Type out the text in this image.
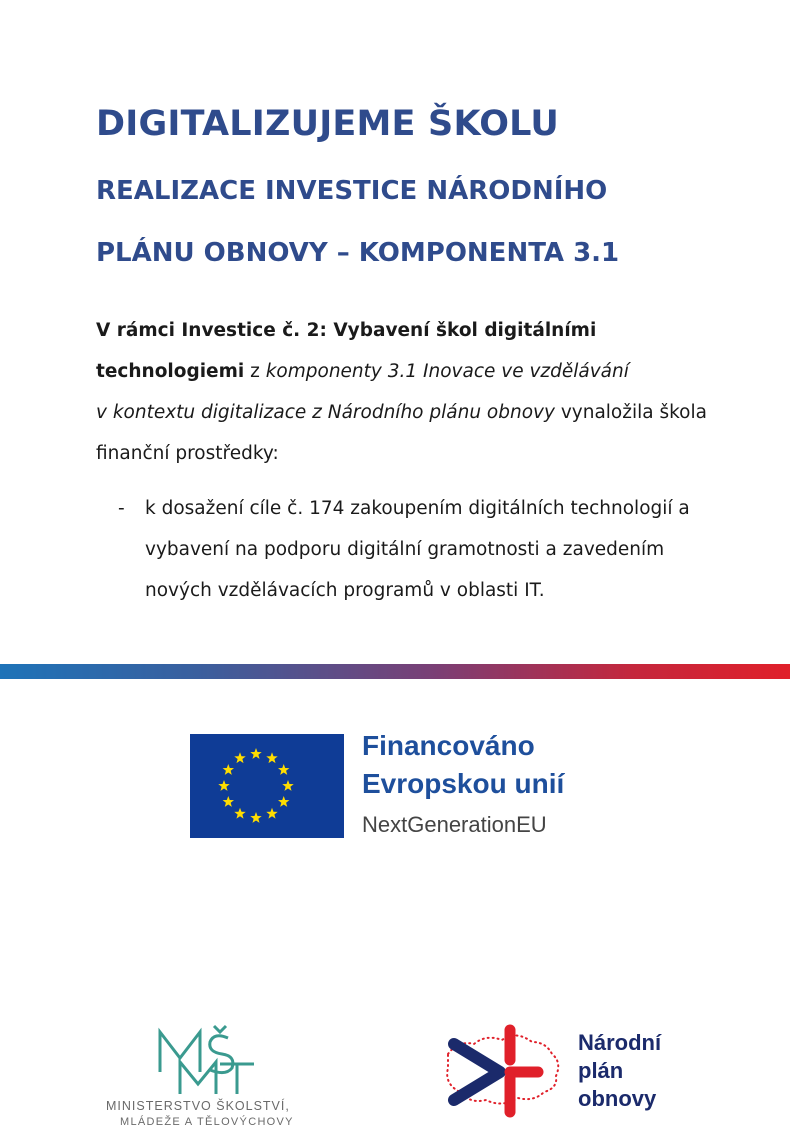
DIGITALIZUJEME ŠKOLU
REALIZACE INVESTICE NÁRODNÍHO
PLÁNU OBNOVY – KOMPONENTA 3.1
V rámci Investice č. 2: Vybavení škol digitálními
technologiemi z komponenty 3.1 Inovace ve vzdělávání
v kontextu digitalizace z Národního plánu obnovy vynaložila škola
finanční prostředky:
- k dosažení cíle č. 174 zakoupením digitálních technologií a
vybavení na podporu digitální gramotnosti a zavedením
nových vzdělávacích programů v oblasti IT.
Financováno
Evropskou unií
NextGenerationEU
MINISTERSTVO ŠKOLSTVÍ,
MLÁDEŽE A TĚLOVÝCHOVY
Národní
plán
obnovy
